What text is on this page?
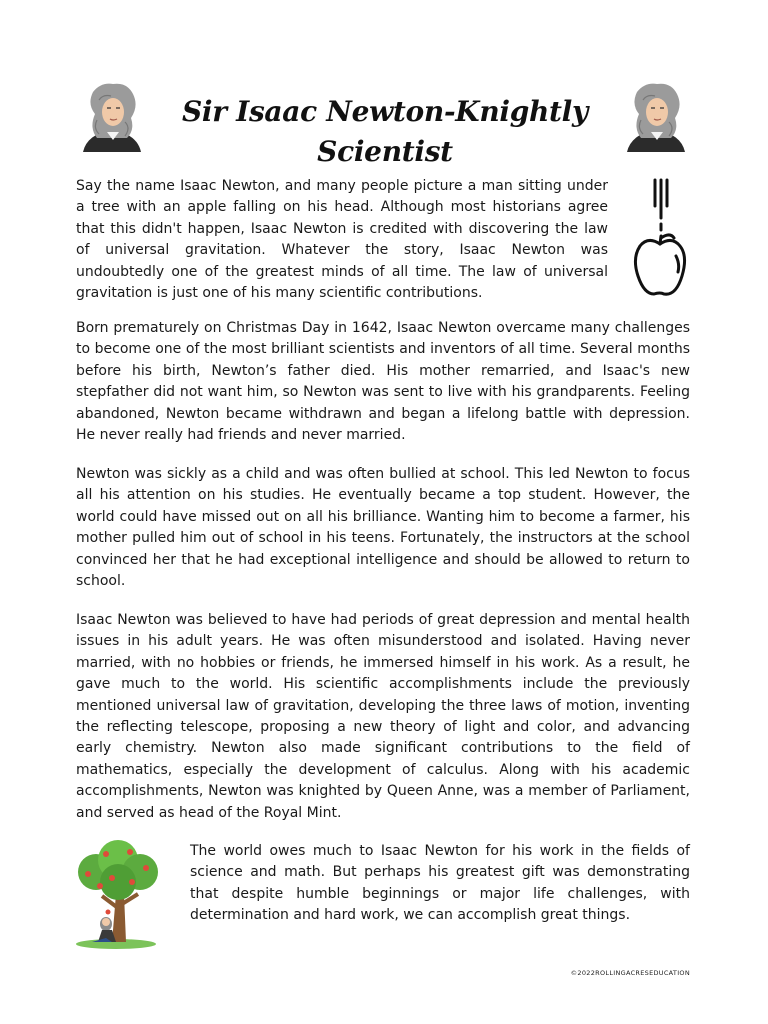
Sir Isaac Newton-Knightly Scientist

Say the name Isaac Newton, and many people picture a man sitting under a tree with an apple falling on his head. Although most historians agree that this didn't happen, Isaac Newton is credited with discovering the law of universal gravitation. Whatever the story, Isaac Newton was undoubtedly one of the greatest minds of all time. The law of universal gravitation is just one of his many scientific contributions.

Born prematurely on Christmas Day in 1642, Isaac Newton overcame many challenges to become one of the most brilliant scientists and inventors of all time. Several months before his birth, Newton’s father died. His mother remarried, and Isaac's new stepfather did not want him, so Newton was sent to live with his grandparents. Feeling abandoned, Newton became withdrawn and began a lifelong battle with depression. He never really had friends and never married.

Newton was sickly as a child and was often bullied at school. This led Newton to focus all his attention on his studies. He eventually became a top student. However, the world could have missed out on all his brilliance. Wanting him to become a farmer, his mother pulled him out of school in his teens. Fortunately, the instructors at the school convinced her that he had exceptional intelligence and should be allowed to return to school.

Isaac Newton was believed to have had periods of great depression and mental health issues in his adult years. He was often misunderstood and isolated. Having never married, with no hobbies or friends, he immersed himself in his work. As a result, he gave much to the world. His scientific accomplishments include the previously mentioned universal law of gravitation, developing the three laws of motion, inventing the reflecting telescope, proposing a new theory of light and color, and advancing early chemistry. Newton also made significant contributions to the field of mathematics, especially the development of calculus. Along with his academic accomplishments, Newton was knighted by Queen Anne, was a member of Parliament, and served as head of the Royal Mint.

The world owes much to Isaac Newton for his work in the fields of science and math. But perhaps his greatest gift was demonstrating that despite humble beginnings or major life challenges, with determination and hard work, we can accomplish great things.

©2022ROLLINGACRESEDUCATION
